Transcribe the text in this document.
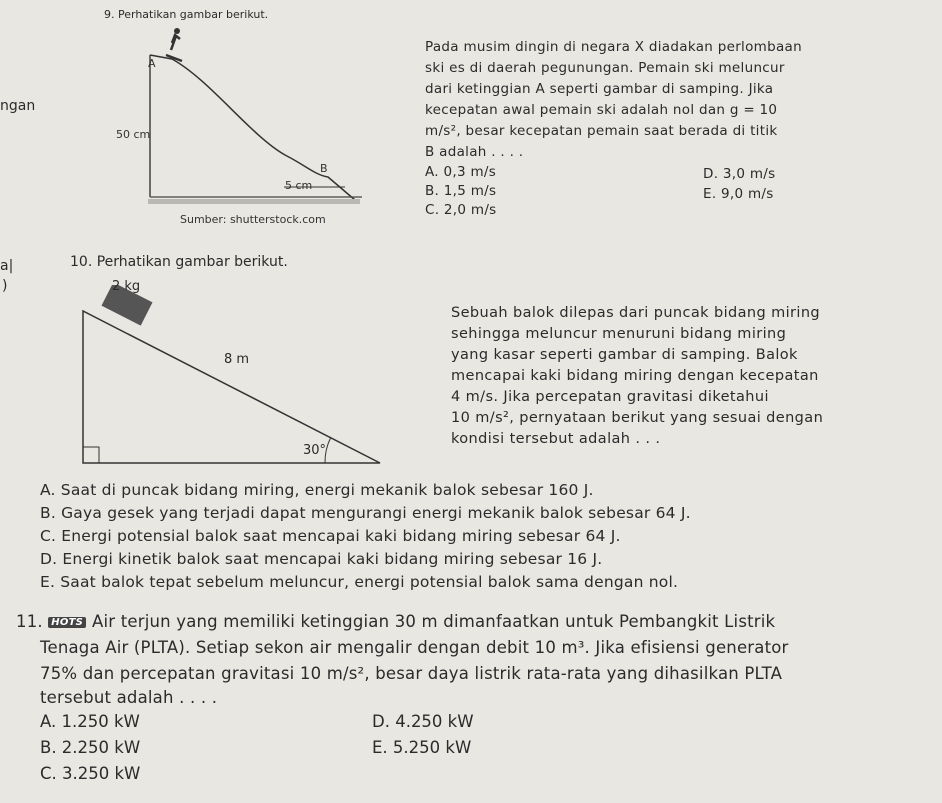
ngan
a|
)
9. Perhatikan gambar berikut.
A
50 cm
B
5 cm
Sumber: shutterstock.com
Pada musim dingin di negara X diadakan perlombaan
ski es di daerah pegunungan. Pemain ski meluncur
dari ketinggian A seperti gambar di samping. Jika
kecepatan awal pemain ski adalah nol dan g = 10
m/s², besar kecepatan pemain saat berada di titik
B adalah . . . .
A. 0,3 m/s
B. 1,5 m/s
C. 2,0 m/s
D. 3,0 m/s
E. 9,0 m/s
10. Perhatikan gambar berikut.
2 kg
8 m
30°
Sebuah balok dilepas dari puncak bidang miring
sehingga meluncur menuruni bidang miring
yang kasar seperti gambar di samping. Balok
mencapai kaki bidang miring dengan kecepatan
4 m/s. Jika percepatan gravitasi diketahui
10 m/s², pernyataan berikut yang sesuai dengan
kondisi tersebut adalah . . .
A. Saat di puncak bidang miring, energi mekanik balok sebesar 160 J.
B. Gaya gesek yang terjadi dapat mengurangi energi mekanik balok sebesar 64 J.
C. Energi potensial balok saat mencapai kaki bidang miring sebesar 64 J.
D. Energi kinetik balok saat mencapai kaki bidang miring sebesar 16 J.
E. Saat balok tepat sebelum meluncur, energi potensial balok sama dengan nol.
11. HOTS Air terjun yang memiliki ketinggian 30 m dimanfaatkan untuk Pembangkit Listrik
Tenaga Air (PLTA). Setiap sekon air mengalir dengan debit 10 m³. Jika efisiensi generator
75% dan percepatan gravitasi 10 m/s², besar daya listrik rata-rata yang dihasilkan PLTA
tersebut adalah . . . .
A. 1.250 kW
B. 2.250 kW
C. 3.250 kW
D. 4.250 kW
E. 5.250 kW
